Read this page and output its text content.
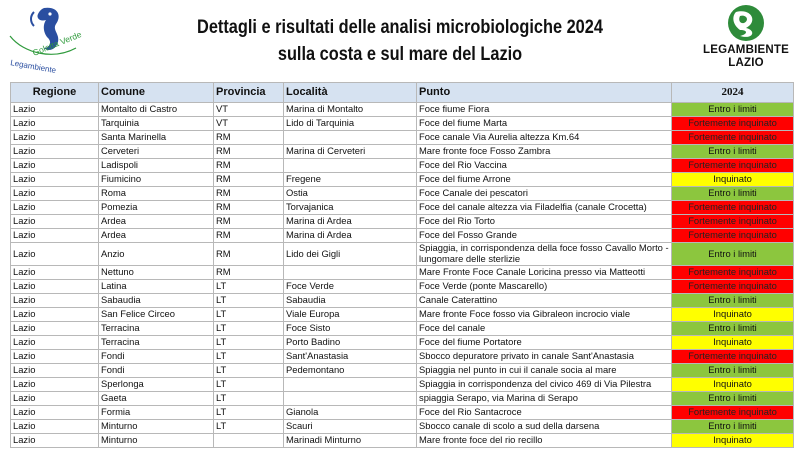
Goletta Verde
Legambiente
Dettagli e risultati delle analisi microbiologiche 2024
sulla costa e sul mare del Lazio	LEGAMBIENTE
LAZIO
Regione	Comune	Provincia	Località	Punto	2024
Lazio	Montalto di Castro	VT	Marina di Montalto	Foce fiume Fiora	Entro i limiti
Lazio	Tarquinia	VT	Lido di Tarquinia	Foce del fiume Marta	Fortemente inquinato
Lazio	Santa Marinella	RM		Foce canale Via Aurelia altezza Km.64	Fortemente inquinato
Lazio	Cerveteri	RM	Marina di Cerveteri	Mare fronte foce Fosso Zambra	Entro i limiti
Lazio	Ladispoli	RM		Foce del Rio Vaccina	Fortemente inquinato
Lazio	Fiumicino	RM	Fregene	Foce del fiume Arrone	Inquinato
Lazio	Roma	RM	Ostia	Foce Canale dei pescatori	Entro i limiti
Lazio	Pomezia	RM	Torvajanica	Foce del canale altezza via Filadelfia (canale Crocetta)	Fortemente inquinato
Lazio	Ardea	RM	Marina di Ardea	Foce del Rio Torto	Fortemente inquinato
Lazio	Ardea	RM	Marina di Ardea	Foce del Fosso Grande	Fortemente inquinato
Lazio	Anzio	RM	Lido dei Gigli	Spiaggia, in corrispondenza della foce fosso Cavallo Morto - lungomare delle sterlizie	Entro i limiti
Lazio	Nettuno	RM		Mare Fronte Foce Canale Loricina presso via Matteotti	Fortemente inquinato
Lazio	Latina	LT	Foce Verde	Foce Verde (ponte Mascarello)	Fortemente inquinato
Lazio	Sabaudia	LT	Sabaudia	Canale Caterattino	Entro i limiti
Lazio	San Felice Circeo	LT	Viale Europa	Mare fronte Foce fosso via Gibraleon incrocio viale	Inquinato
Lazio	Terracina	LT	Foce Sisto	Foce del canale	Entro i limiti
Lazio	Terracina	LT	Porto Badino	Foce del fiume Portatore	Inquinato
Lazio	Fondi	LT	Sant'Anastasia	Sbocco depuratore privato in canale Sant'Anastasia	Fortemente inquinato
Lazio	Fondi	LT	Pedemontano	Spiaggia nel punto in cui il canale socia al mare	Entro i limiti
Lazio	Sperlonga	LT		Spiaggia in corrispondenza del civico 469 di Via Pilestra	Inquinato
Lazio	Gaeta	LT		spiaggia Serapo, via Marina di Serapo	Entro i limiti
Lazio	Formia	LT	Gianola	Foce del Rio Santacroce	Fortemente inquinato
Lazio	Minturno	LT	Scauri	Sbocco canale di scolo a sud della darsena	Entro i limiti
Lazio	Minturno		Marinadi Minturno	Mare fronte foce del rio recillo	Inquinato
